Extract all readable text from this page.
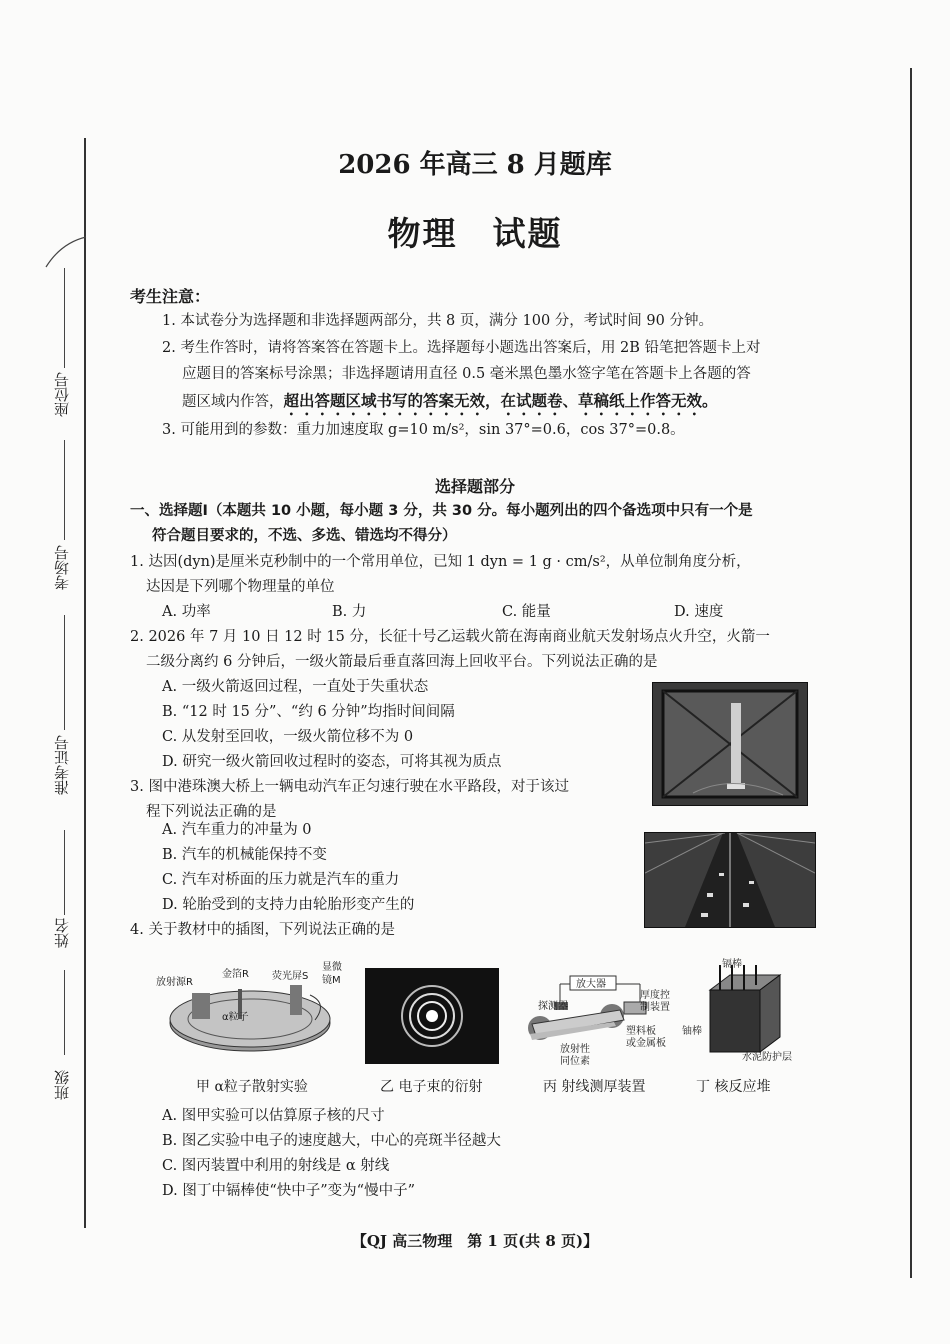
座位号
考场号
准考证号
姓名
班级
2026 年高三 8 月题库
物理　试题
考生注意：
1. 本试卷分为选择题和非选择题两部分，共 8 页，满分 100 分，考试时间 90 分钟。
2. 考生作答时，请将答案答在答题卡上。选择题每小题选出答案后，用 2B 铅笔把答题卡上对
应题目的答案标号涂黑；非选择题请用直径 0.5 毫米黑色墨水签字笔在答题卡上各题的答
题区域内作答，超出答题区域书写的答案无效，在试题卷、草稿纸上作答无效。
3. 可能用到的参数：重力加速度取 g=10 m/s²，sin 37°=0.6，cos 37°=0.8。
选择题部分
一、选择题Ⅰ（本题共 10 小题，每小题 3 分，共 30 分。每小题列出的四个备选项中只有一个是
符合题目要求的，不选、多选、错选均不得分）
1. 达因(dyn)是厘米克秒制中的一个常用单位，已知 1 dyn = 1 g · cm/s²，从单位制角度分析，
达因是下列哪个物理量的单位
A. 功率	B. 力	C. 能量	D. 速度
2. 2026 年 7 月 10 日 12 时 15 分，长征十号乙运载火箭在海南商业航天发射场点火升空，火箭一
二级分离约 6 分钟后，一级火箭最后垂直落回海上回收平台。下列说法正确的是
A. 一级火箭返回过程，一直处于失重状态
B. “12 时 15 分”、“约 6 分钟”均指时间间隔
C. 从发射至回收，一级火箭位移不为 0
D. 研究一级火箭回收过程时的姿态，可将其视为质点
3. 图中港珠澳大桥上一辆电动汽车正匀速行驶在水平路段，对于该过
程下列说法正确的是
A. 汽车重力的冲量为 0
B. 汽车的机械能保持不变
C. 汽车对桥面的压力就是汽车的重力
D. 轮胎受到的支持力由轮胎形变产生的
4. 关于教材中的插图，下列说法正确的是
放射源R
金箔R 荧光屏S
显微
镜M
α粒子
放大器
探测器
厚度控
制装置
塑料板
或金属板
放射性
同位素
镉棒
铀棒
水泥防护层
甲 α粒子散射实验	乙 电子束的衍射	丙 射线测厚装置	丁 核反应堆
A. 图甲实验可以估算原子核的尺寸
B. 图乙实验中电子的速度越大，中心的亮斑半径越大
C. 图丙装置中利用的射线是 α 射线
D. 图丁中镉棒使“快中子”变为“慢中子”
【QJ 高三物理　第 1 页(共 8 页)】
